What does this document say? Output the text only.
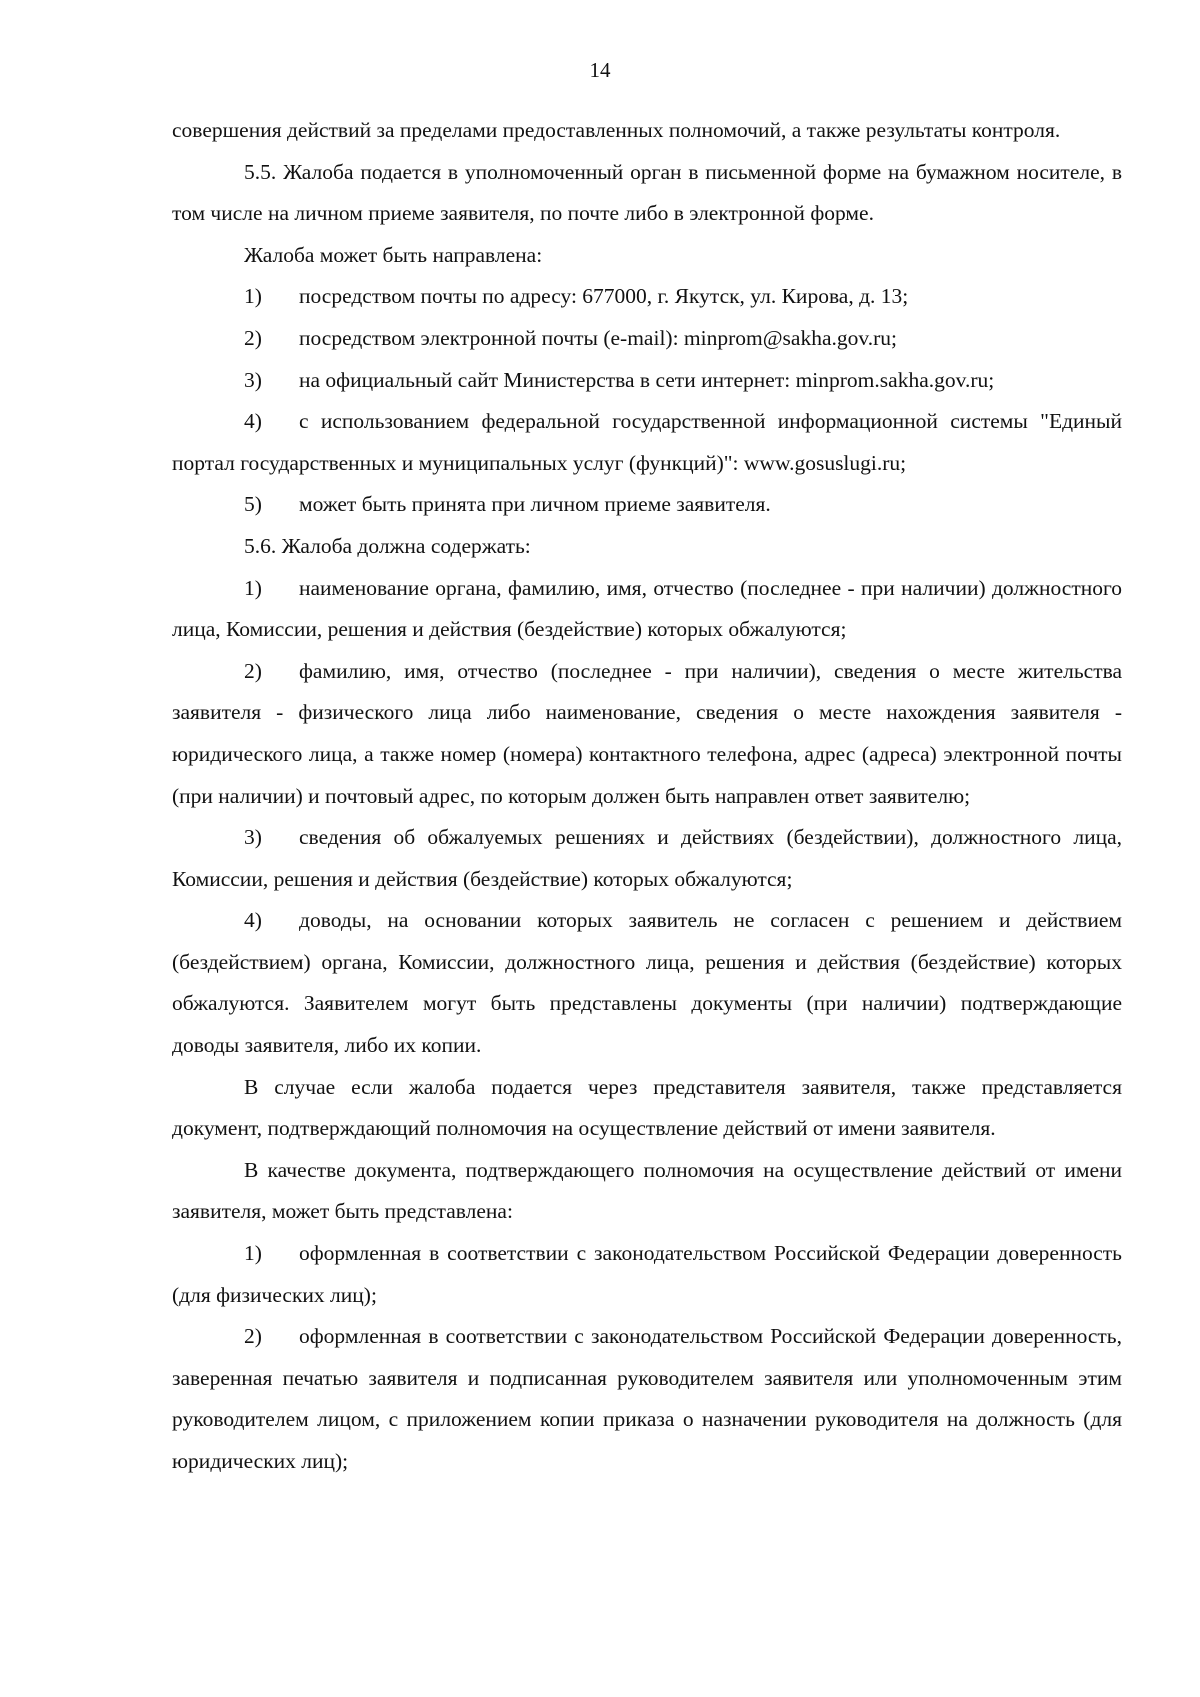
14

совершения действий за пределами предоставленных полномочий, а также результаты контроля.

5.5. Жалоба подается в уполномоченный орган в письменной форме на бумажном носителе, в том числе на личном приеме заявителя, по почте либо в электронной форме.

Жалоба может быть направлена:

1) посредством почты по адресу: 677000, г. Якутск, ул. Кирова, д. 13;

2) посредством электронной почты (e-mail): minprom@sakha.gov.ru;

3) на официальный сайт Министерства в сети интернет: minprom.sakha.gov.ru;

4) с использованием федеральной государственной информационной системы "Единый портал государственных и муниципальных услуг (функций)": www.gosuslugi.ru;

5) может быть принята при личном приеме заявителя.

5.6. Жалоба должна содержать:

1) наименование органа, фамилию, имя, отчество (последнее - при наличии) должностного лица, Комиссии, решения и действия (бездействие) которых обжалуются;

2) фамилию, имя, отчество (последнее - при наличии), сведения о месте жительства заявителя - физического лица либо наименование, сведения о месте нахождения заявителя - юридического лица, а также номер (номера) контактного телефона, адрес (адреса) электронной почты (при наличии) и почтовый адрес, по которым должен быть направлен ответ заявителю;

3) сведения об обжалуемых решениях и действиях (бездействии), должностного лица, Комиссии, решения и действия (бездействие) которых обжалуются;

4) доводы, на основании которых заявитель не согласен с решением и действием (бездействием) органа, Комиссии, должностного лица, решения и действия (бездействие) которых обжалуются. Заявителем могут быть представлены документы (при наличии) подтверждающие доводы заявителя, либо их копии.

В случае если жалоба подается через представителя заявителя, также представляется документ, подтверждающий полномочия на осуществление действий от имени заявителя.

В качестве документа, подтверждающего полномочия на осуществление действий от имени заявителя, может быть представлена:

1) оформленная в соответствии с законодательством Российской Федерации доверенность (для физических лиц);

2) оформленная в соответствии с законодательством Российской Федерации доверенность, заверенная печатью заявителя и подписанная руководителем заявителя или уполномоченным этим руководителем лицом, с приложением копии приказа о назначении руководителя на должность (для юридических лиц);
